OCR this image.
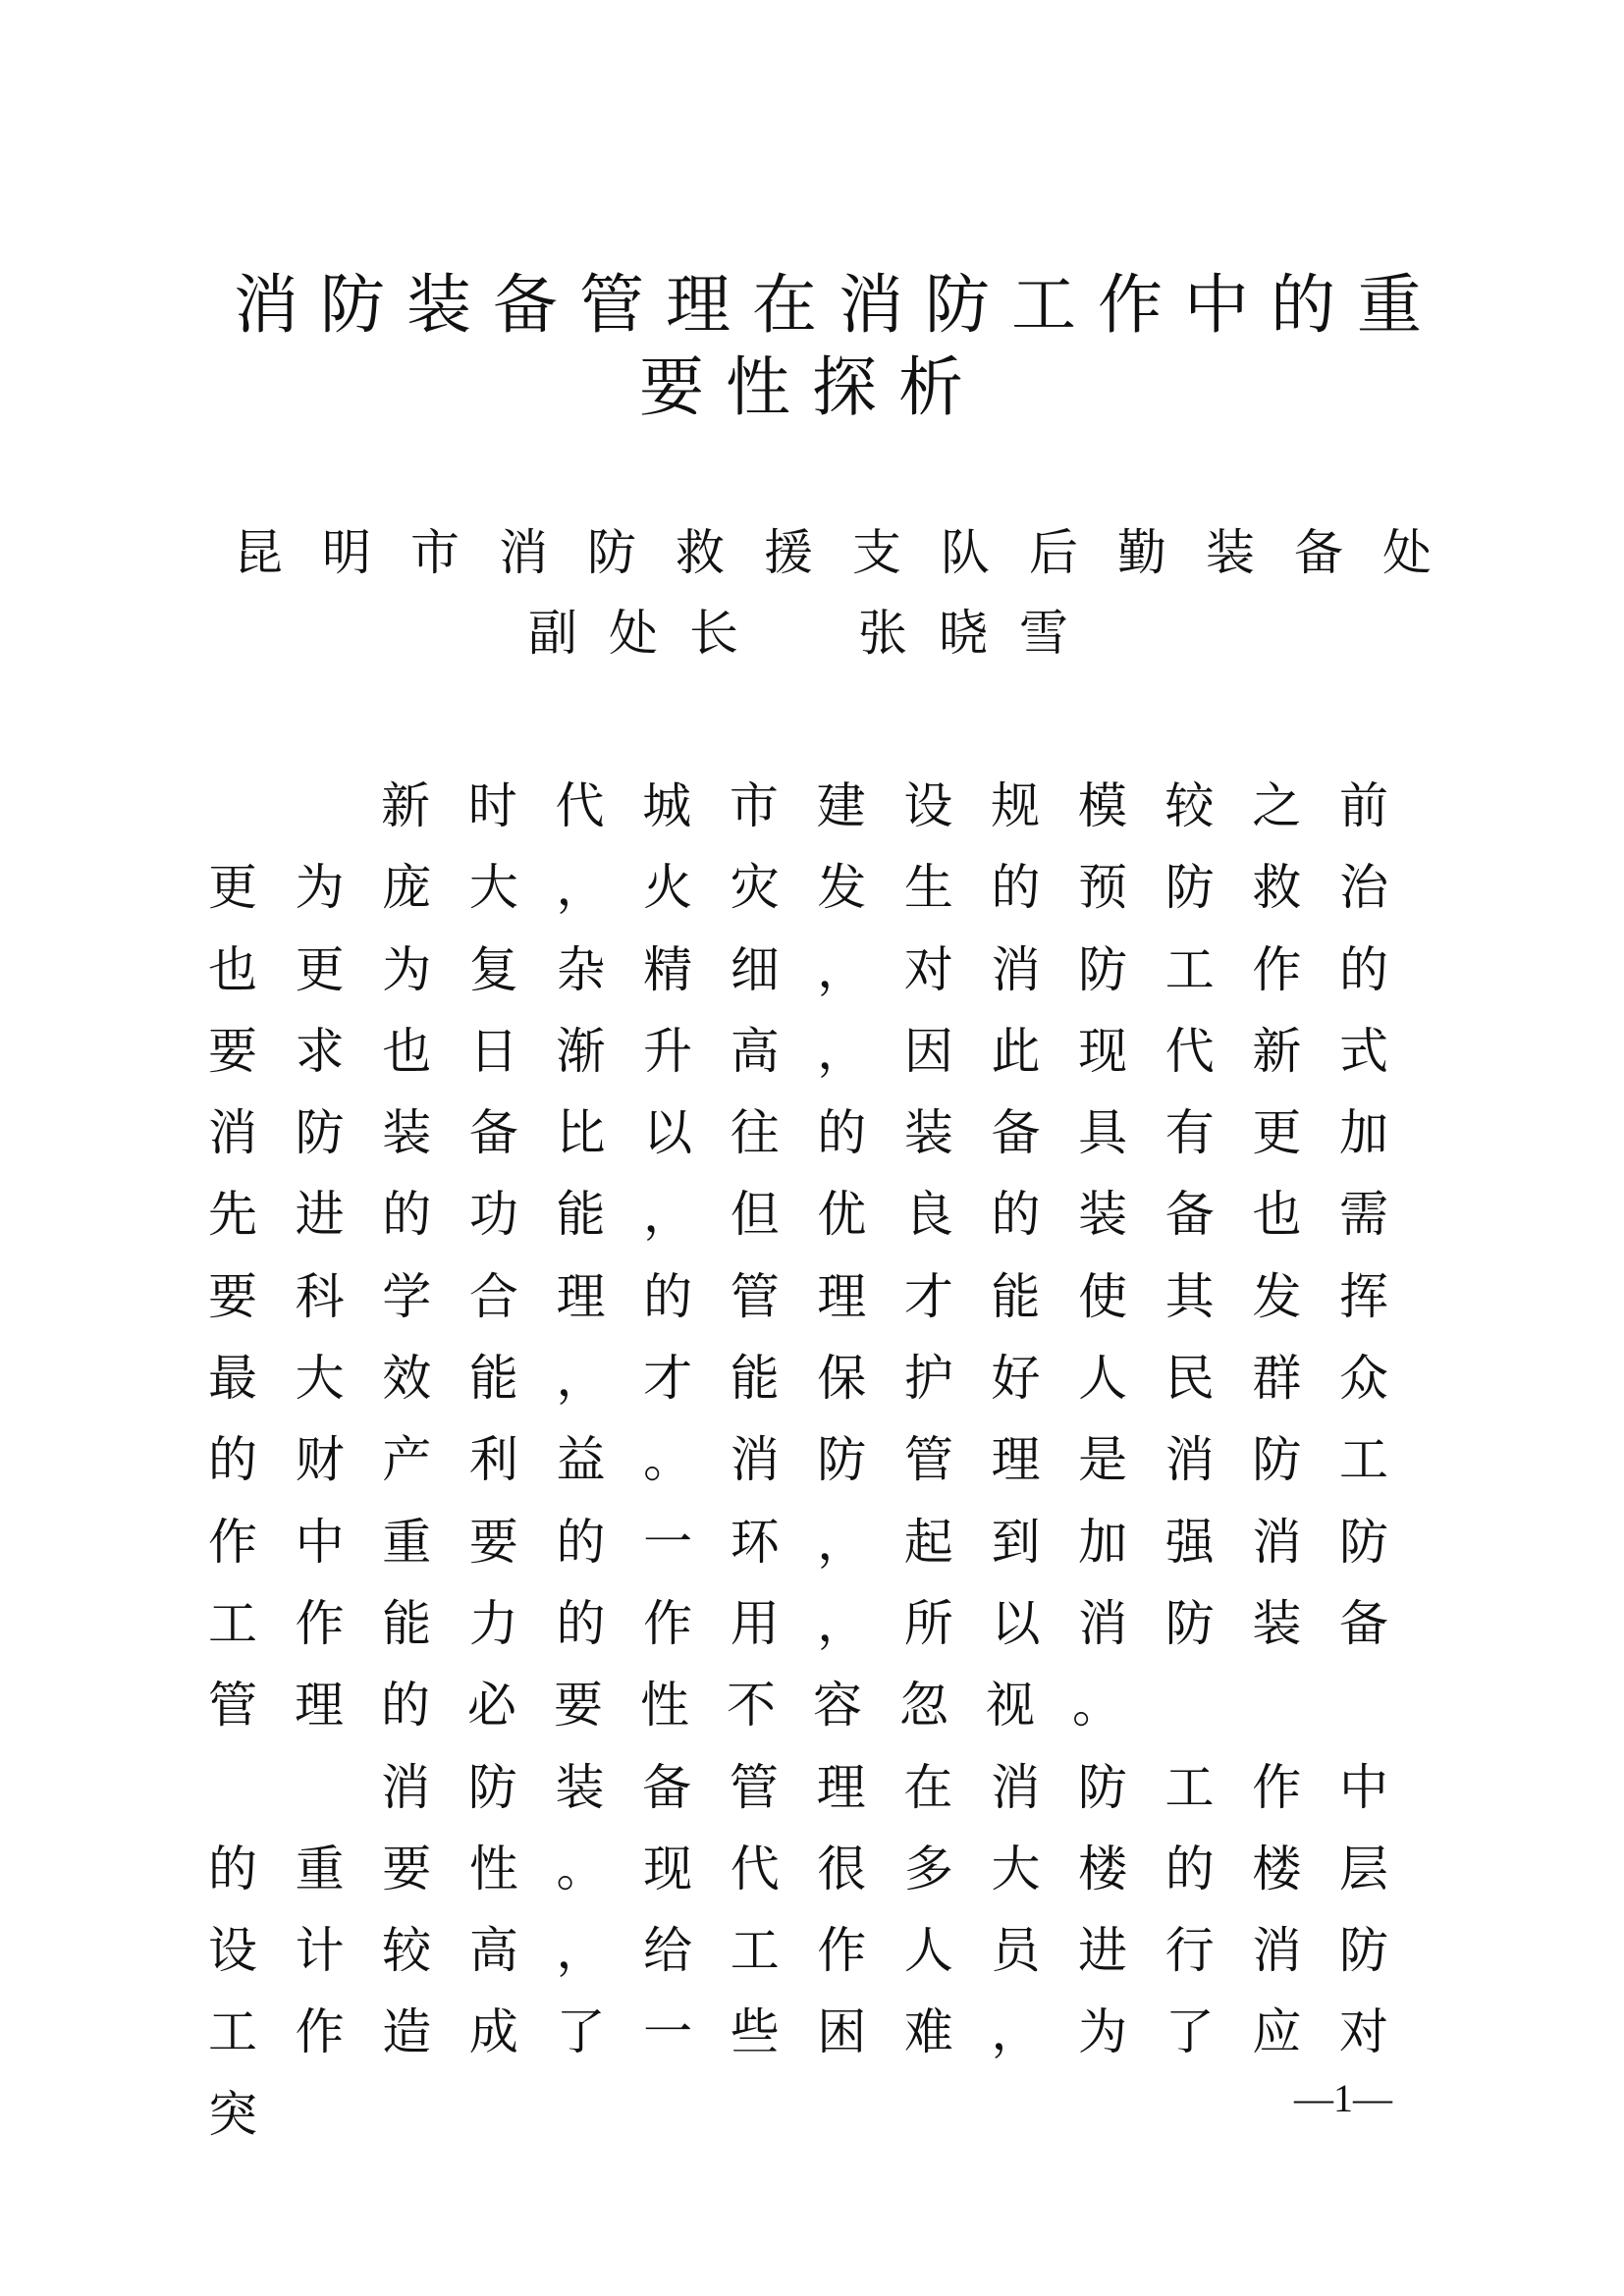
消防装备管理在消防工作中的重
要性探析
昆明市消防救援支队后勤装备处
副处长 张晓雪

新时代城市建设规模较之前更为庞大，火灾发生的预防救治也更为复杂精细，对消防工作的要求也日渐升高，因此现代新式消防装备比以往的装备具有更加先进的功能，但优良的装备也需要科学合理的管理才能使其发挥最大效能，才能保护好人民群众的财产利益。消防管理是消防工作中重要的一环，起到加强消防工作能力的作用，所以消防装备管理的必要性不容忽视。

消防装备管理在消防工作中的重要性。现代很多大楼的楼层设计较高，给工作人员进行消防工作造成了一些困难，为了应对突	—1—
